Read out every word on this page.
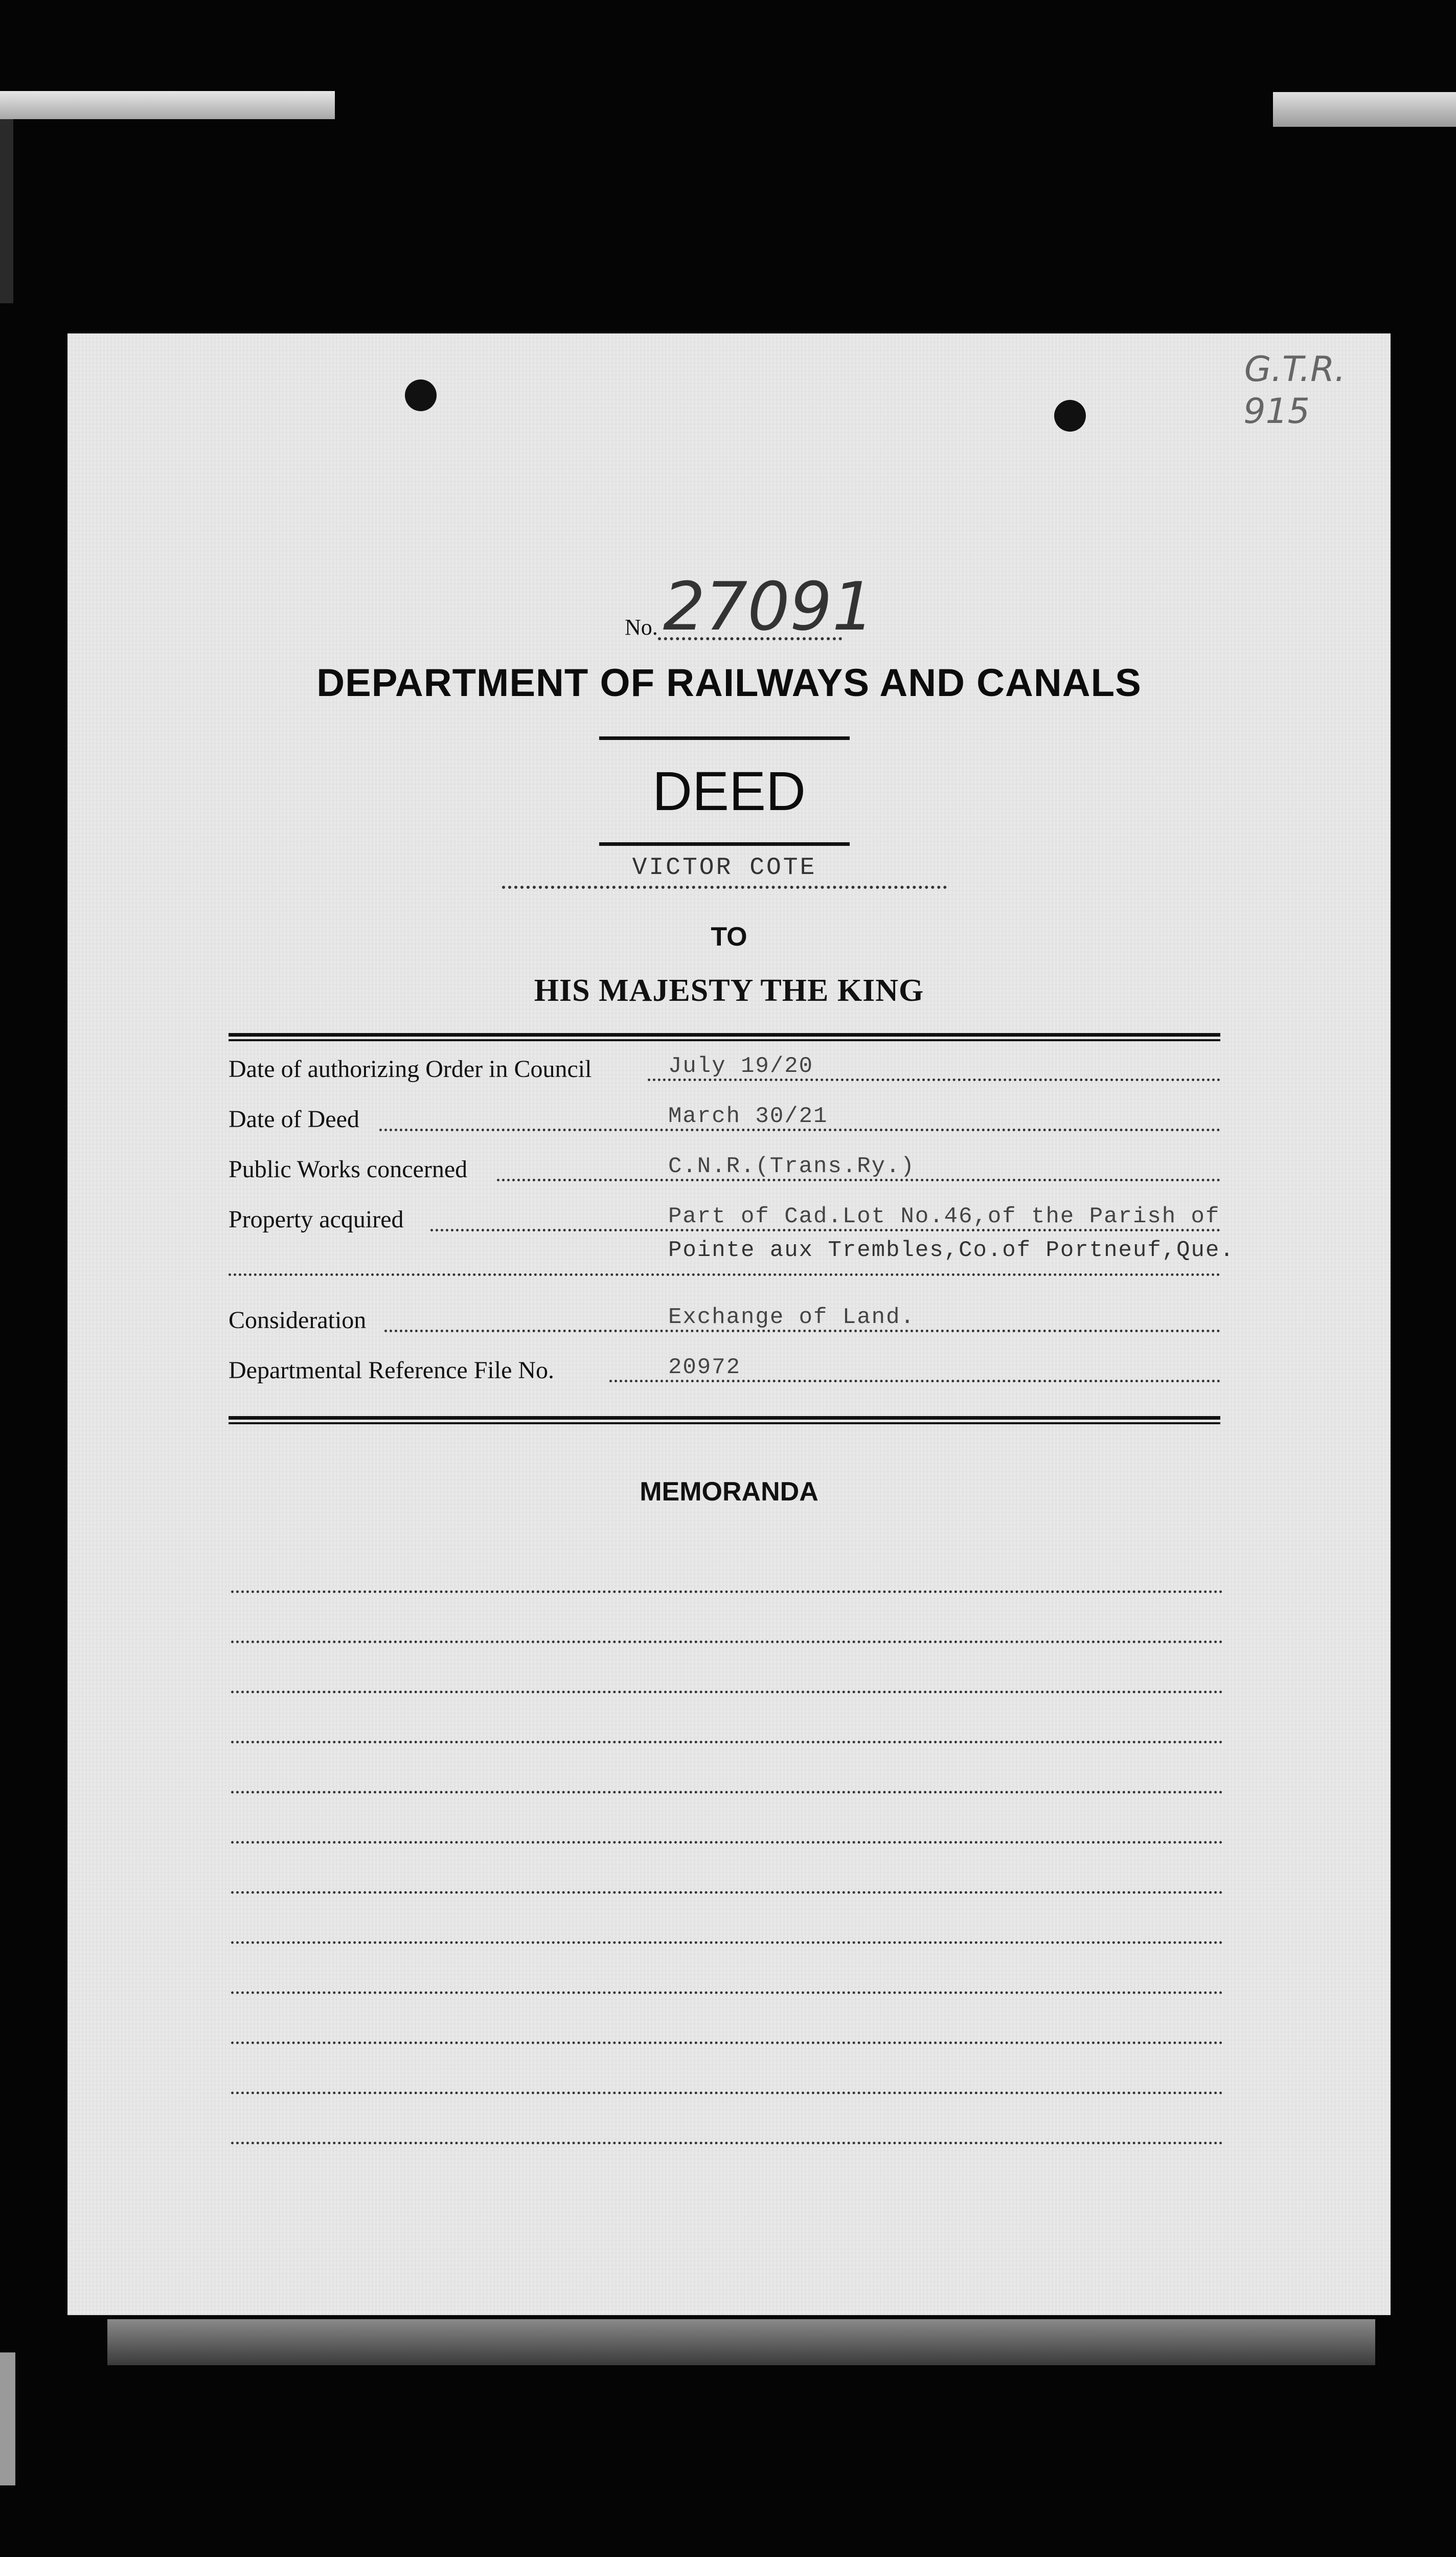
G.T.R.
915
No. 27091
DEPARTMENT OF RAILWAYS AND CANALS
DEED
VICTOR COTE
TO
HIS MAJESTY THE KING
Date of authorizing Order in Council	July 19/20
Date of Deed	March 30/21
Public Works concerned	C.N.R.(Trans.Ry.)
Property acquired	Part of Cad.Lot No.46,of the Parish of
Pointe aux Trembles,Co.of Portneuf,Que.
Consideration	Exchange of Land.
Departmental Reference File No.	20972
MEMORANDA
